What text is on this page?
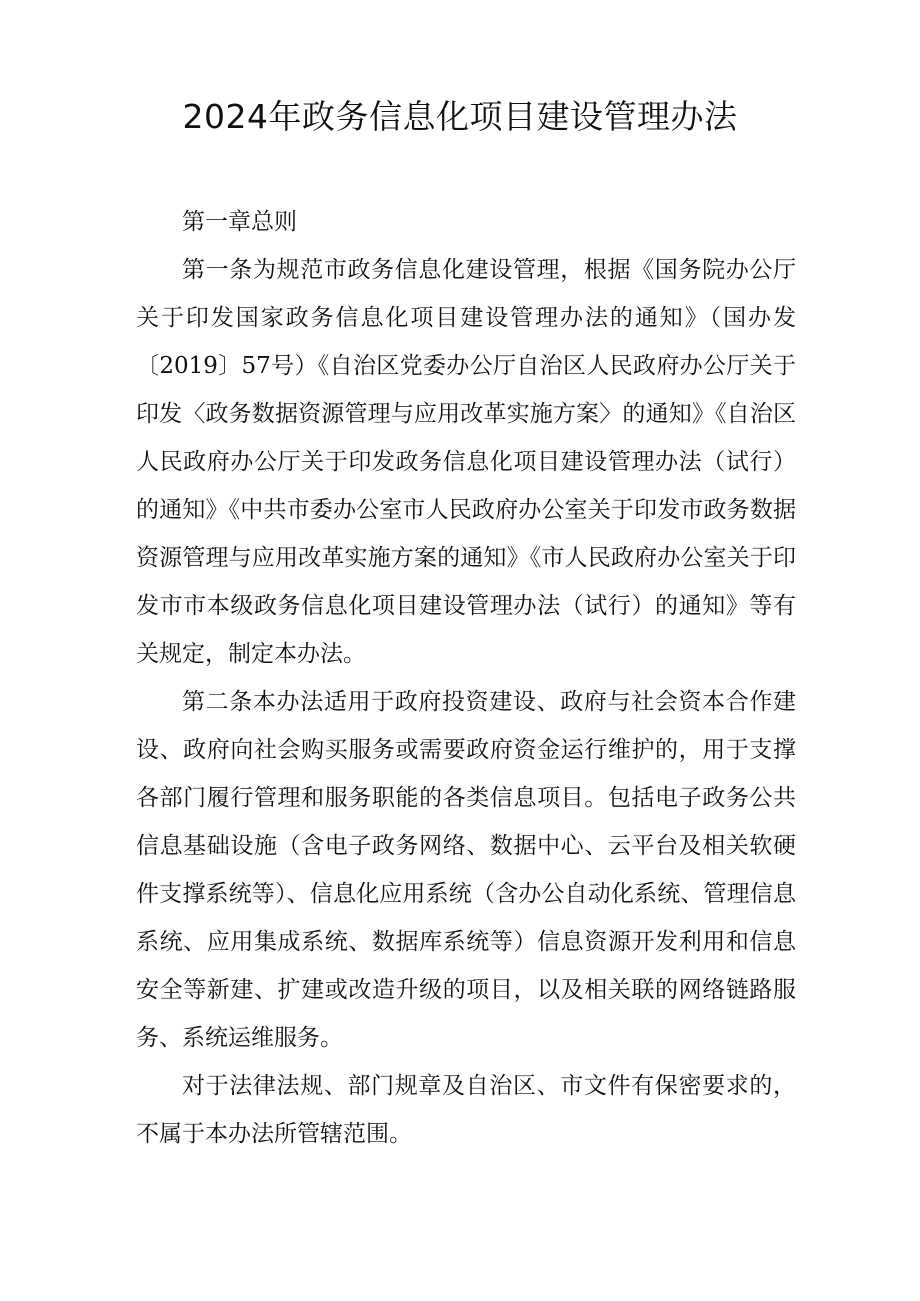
2024年政务信息化项目建设管理办法

第一章总则

第一条为规范市政务信息化建设管理，根据《国务院办公厅关于印发国家政务信息化项目建设管理办法的通知》（国办发〔2019〕57号）《自治区党委办公厅自治区人民政府办公厅关于印发〈政务数据资源管理与应用改革实施方案〉的通知》《自治区人民政府办公厅关于印发政务信息化项目建设管理办法（试行）的通知》《中共市委办公室市人民政府办公室关于印发市政务数据资源管理与应用改革实施方案的通知》《市人民政府办公室关于印发市市本级政务信息化项目建设管理办法（试行）的通知》等有关规定，制定本办法。

第二条本办法适用于政府投资建设、政府与社会资本合作建设、政府向社会购买服务或需要政府资金运行维护的，用于支撑各部门履行管理和服务职能的各类信息项目。包括电子政务公共信息基础设施（含电子政务网络、数据中心、云平台及相关软硬件支撑系统等）、信息化应用系统（含办公自动化系统、管理信息系统、应用集成系统、数据库系统等）信息资源开发利用和信息安全等新建、扩建或改造升级的项目，以及相关联的网络链路服务、系统运维服务。

对于法律法规、部门规章及自治区、市文件有保密要求的，不属于本办法所管辖范围。
